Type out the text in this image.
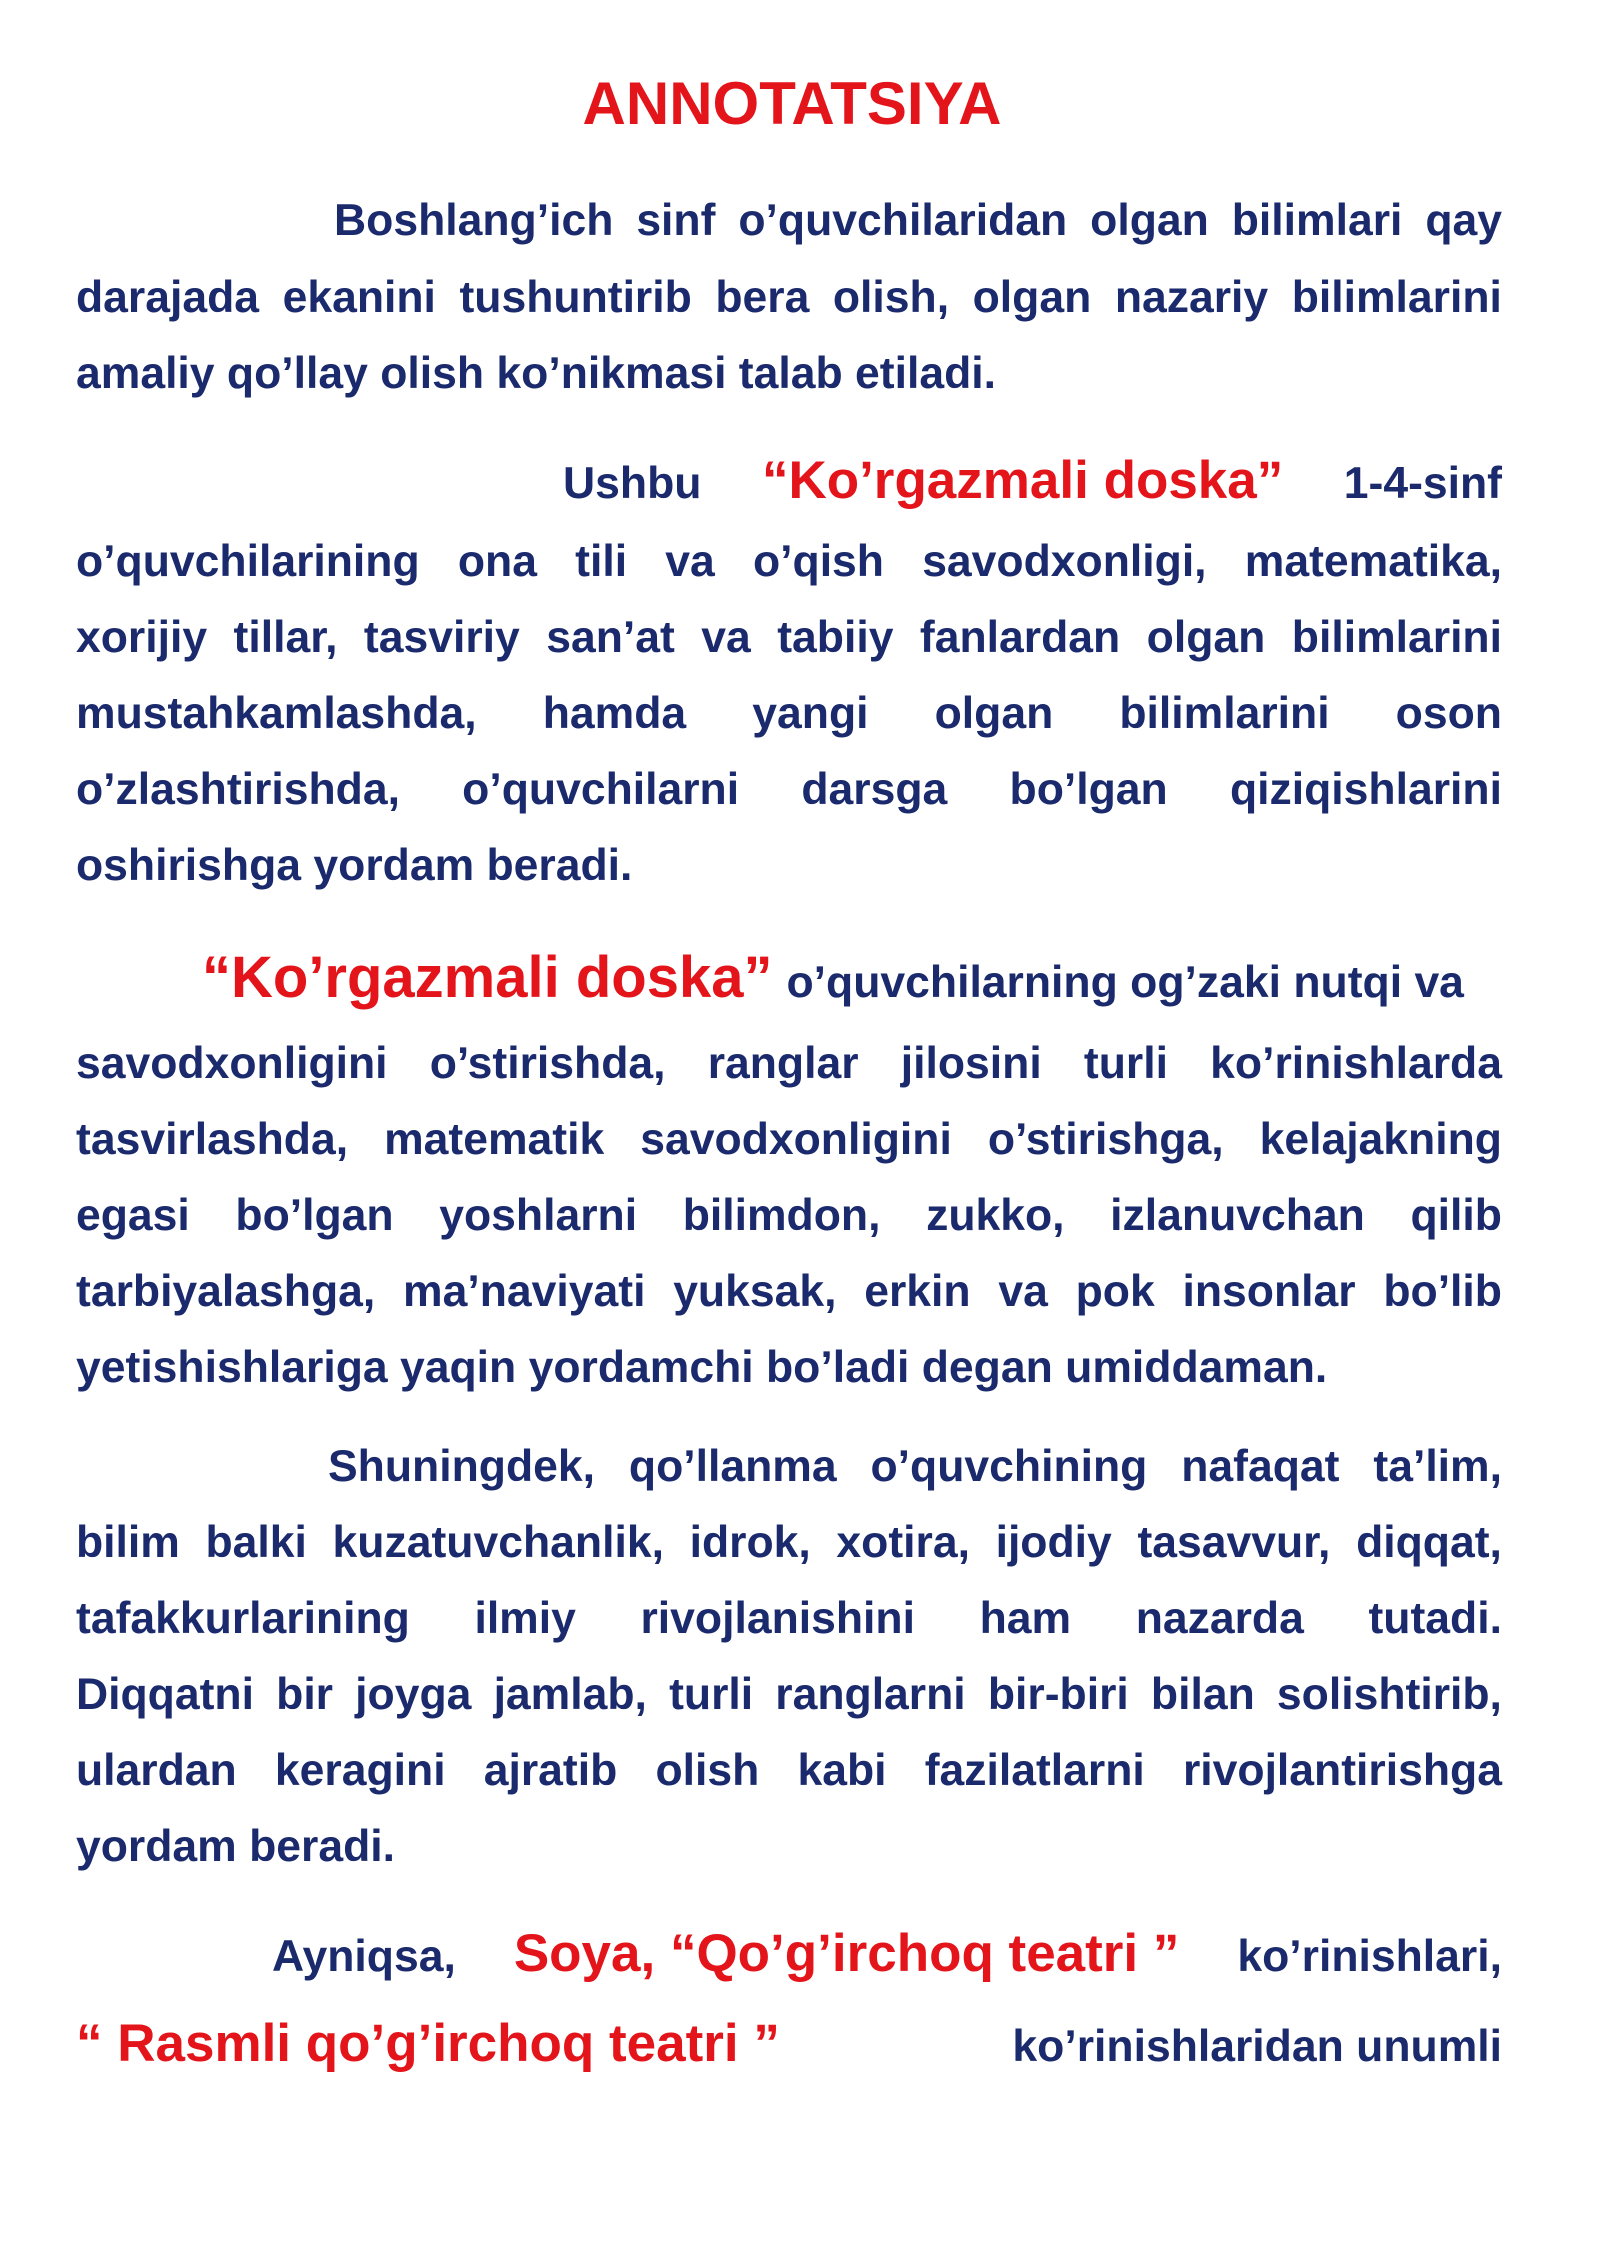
ANNOTATSIYA

Boshlang’ich sinf o’quvchilaridan olgan bilimlari qay

darajada ekanini tushuntirib bera olish, olgan nazariy bilimlarini

amaliy qo’llay olish ko’nikmasi talab etiladi.

Ushbu “Ko’rgazmali doska” 1-4-sinf

o’quvchilarining ona tili va o’qish savodxonligi, matematika,

xorijiy tillar, tasviriy san’at va tabiiy fanlardan olgan bilimlarini

mustahkamlashda, hamda yangi olgan bilimlarini oson

o’zlashtirishda, o’quvchilarni darsga bo’lgan qiziqishlarini

oshirishga yordam beradi.

“Ko’rgazmali doska” o’quvchilarning og’zaki nutqi va

savodxonligini o’stirishda, ranglar jilosini turli ko’rinishlarda

tasvirlashda, matematik savodxonligini o’stirishga, kelajakning

egasi bo’lgan yoshlarni bilimdon, zukko, izlanuvchan qilib

tarbiyalashga, ma’naviyati yuksak, erkin va pok insonlar bo’lib

yetishishlariga yaqin yordamchi bo’ladi degan umiddaman.

Shuningdek, qo’llanma o’quvchining nafaqat ta’lim,

bilim balki kuzatuvchanlik, idrok, xotira, ijodiy tasavvur, diqqat,

tafakkurlarining ilmiy rivojlanishini ham nazarda tutadi.

Diqqatni bir joyga jamlab, turli ranglarni bir-biri bilan solishtirib,

ulardan keragini ajratib olish kabi fazilatlarni rivojlantirishga

yordam beradi.

Ayniqsa, Soya, “Qo’g’irchoq teatri ” ko’rinishlari,

“ Rasmli qo’g’irchoq teatri ”	ko’rinishlaridan unumli
